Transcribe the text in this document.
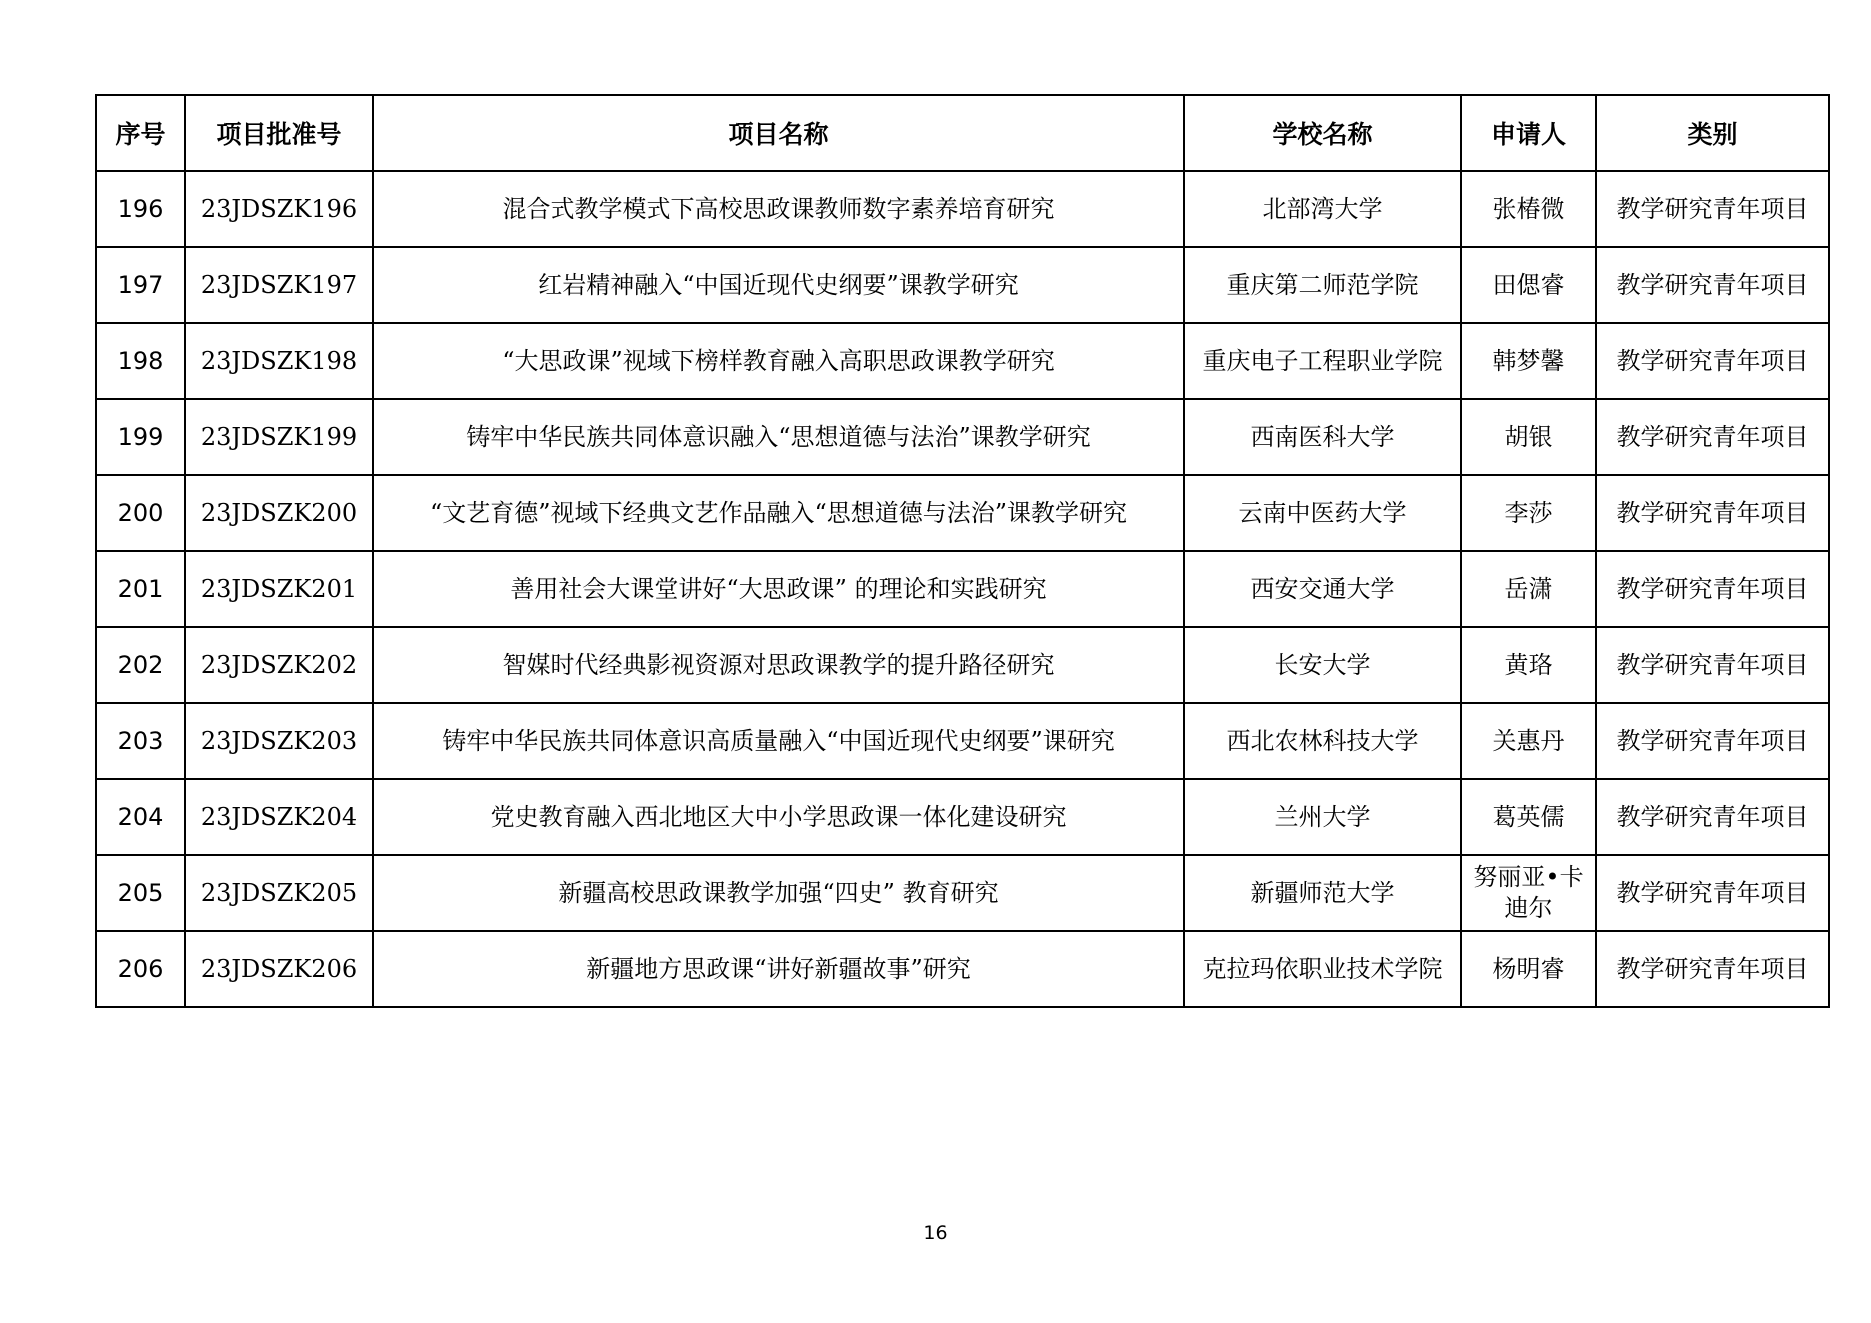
序号	项目批准号	项目名称	学校名称	申请人	类别
196	23JDSZK196	混合式教学模式下高校思政课教师数字素养培育研究	北部湾大学	张椿微	教学研究青年项目
197	23JDSZK197	红岩精神融入“中国近现代史纲要”课教学研究	重庆第二师范学院	田偲睿	教学研究青年项目
198	23JDSZK198	“大思政课”视域下榜样教育融入高职思政课教学研究	重庆电子工程职业学院	韩梦馨	教学研究青年项目
199	23JDSZK199	铸牢中华民族共同体意识融入“思想道德与法治”课教学研究	西南医科大学	胡银	教学研究青年项目
200	23JDSZK200	“文艺育德”视域下经典文艺作品融入“思想道德与法治”课教学研究	云南中医药大学	李莎	教学研究青年项目
201	23JDSZK201	善用社会大课堂讲好“大思政课” 的理论和实践研究	西安交通大学	岳潇	教学研究青年项目
202	23JDSZK202	智媒时代经典影视资源对思政课教学的提升路径研究	长安大学	黄珞	教学研究青年项目
203	23JDSZK203	铸牢中华民族共同体意识高质量融入“中国近现代史纲要”课研究	西北农林科技大学	关惠丹	教学研究青年项目
204	23JDSZK204	党史教育融入西北地区大中小学思政课一体化建设研究	兰州大学	葛英儒	教学研究青年项目
205	23JDSZK205	新疆高校思政课教学加强“四史” 教育研究	新疆师范大学	努丽亚•卡迪尔	教学研究青年项目
206	23JDSZK206	新疆地方思政课“讲好新疆故事”研究	克拉玛依职业技术学院	杨明睿	教学研究青年项目
16
